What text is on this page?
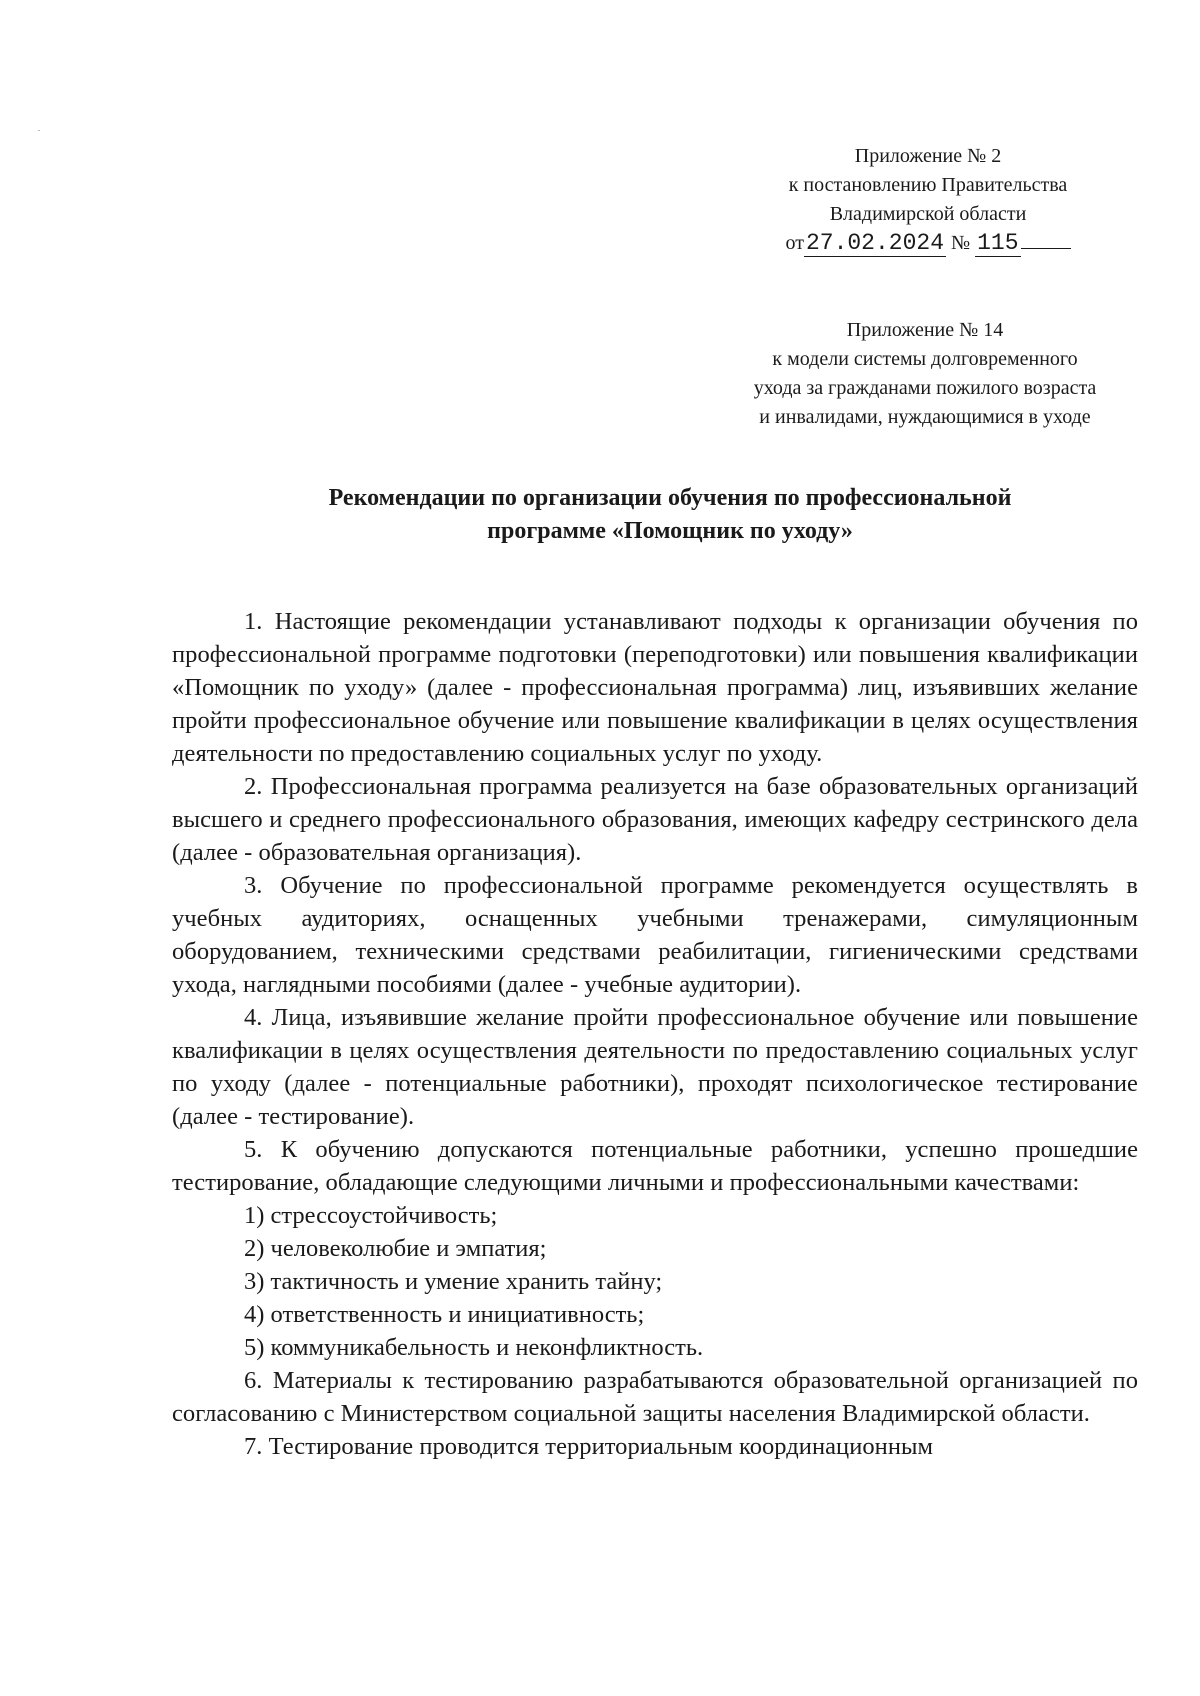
Приложение № 2
к постановлению Правительства
Владимирской области
от27.02.2024 № 115
Приложение № 14
к модели системы долговременного
ухода за гражданами пожилого возраста
и инвалидами, нуждающимися в уходе
Рекомендации по организации обучения по профессиональной
программе «Помощник по уходу»

1. Настоящие рекомендации устанавливают подходы к организации обучения по профессиональной программе подготовки (переподготовки) или повышения квалификации «Помощник по уходу» (далее - профессиональная программа) лиц, изъявивших желание пройти профессиональное обучение или повышение квалификации в целях осуществления деятельности по предоставлению социальных услуг по уходу.

2. Профессиональная программа реализуется на базе образовательных организаций высшего и среднего профессионального образования, имеющих кафедру сестринского дела (далее - образовательная организация).

3. Обучение по профессиональной программе рекомендуется осуществлять в учебных аудиториях, оснащенных учебными тренажерами, симуляционным оборудованием, техническими средствами реабилитации, гигиеническими средствами ухода, наглядными пособиями (далее - учебные аудитории).

4. Лица, изъявившие желание пройти профессиональное обучение или повышение квалификации в целях осуществления деятельности по предоставлению социальных услуг по уходу (далее - потенциальные работники), проходят психологическое тестирование (далее - тестирование).

5. К обучению допускаются потенциальные работники, успешно прошедшие тестирование, обладающие следующими личными и профессиональными качествами:

1) стрессоустойчивость;

2) человеколюбие и эмпатия;

3) тактичность и умение хранить тайну;

4) ответственность и инициативность;

5) коммуникабельность и неконфликтность.

6. Материалы к тестированию разрабатываются образовательной организацией по согласованию с Министерством социальной защиты населения Владимирской области.

7. Тестирование проводится территориальным координационным
